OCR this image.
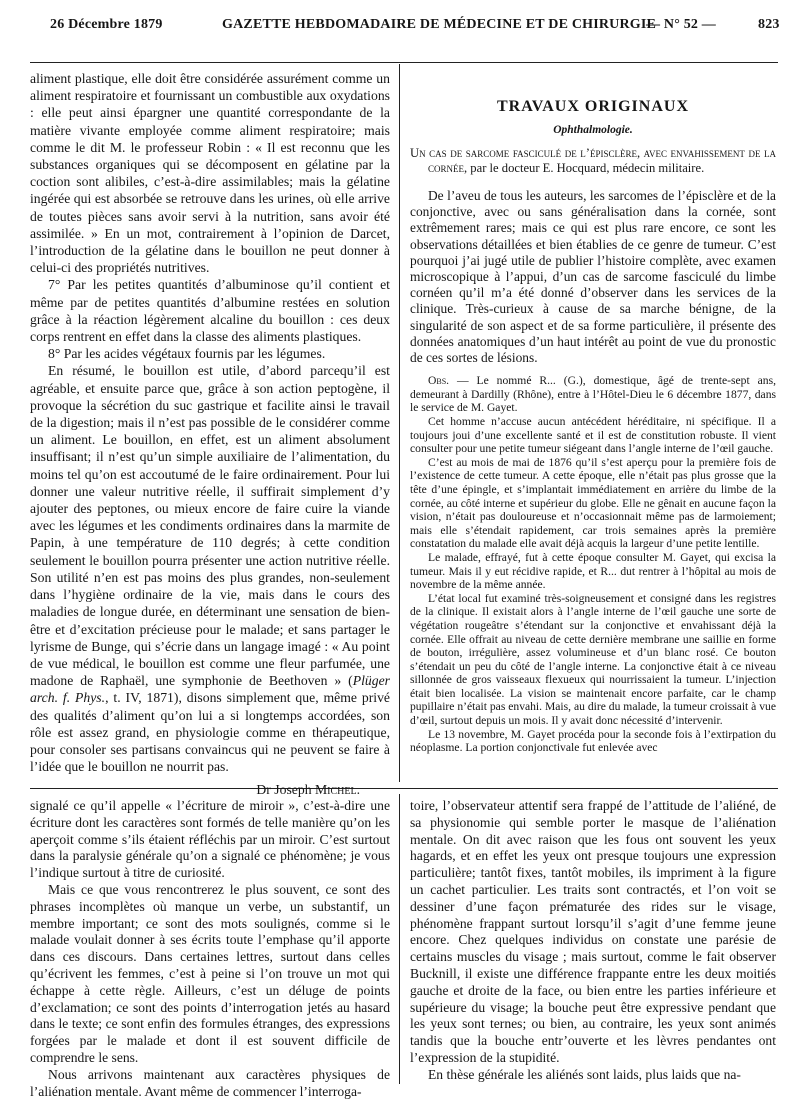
26 Décembre 1879	GAZETTE HEBDOMADAIRE DE MÉDECINE ET DE CHIRURGIE
— N° 52 —	823

aliment plastique, elle doit être considérée assurément comme un aliment respiratoire et fournissant un combustible aux oxydations : elle peut ainsi épargner une quantité correspondante de la matière vivante employée comme aliment respiratoire; mais comme le dit M. le professeur Robin : « Il est reconnu que les substances organiques qui se décomposent en gélatine par la coction sont alibiles, c’est-à-dire assimilables; mais la gélatine ingérée qui est absorbée se retrouve dans les urines, où elle arrive de toutes pièces sans avoir servi à la nutrition, sans avoir été assimilée. » En un mot, contrairement à l’opinion de Darcet, l’introduction de la gélatine dans le bouillon ne peut donner à celui-ci des propriétés nutritives.

7° Par les petites quantités d’albuminose qu’il contient et même par de petites quantités d’albumine restées en solution grâce à la réaction légèrement alcaline du bouillon : ces deux corps rentrent en effet dans la classe des aliments plastiques.

8° Par les acides végétaux fournis par les légumes.

En résumé, le bouillon est utile, d’abord parcequ’il est agréable, et ensuite parce que, grâce à son action peptogène, il provoque la sécrétion du suc gastrique et facilite ainsi le travail de la digestion; mais il n’est pas possible de le considérer comme un aliment. Le bouillon, en effet, est un aliment absolument insuffisant; il n’est qu’un simple auxiliaire de l’alimentation, du moins tel qu’on est accoutumé de le faire ordinairement. Pour lui donner une valeur nutritive réelle, il suffirait simplement d’y ajouter des peptones, ou mieux encore de faire cuire la viande avec les légumes et les condiments ordinaires dans la marmite de Papin, à une température de 110 degrés; à cette condition seulement le bouillon pourra présenter une action nutritive réelle. Son utilité n’en est pas moins des plus grandes, non-seulement dans l’hygiène ordinaire de la vie, mais dans le cours des maladies de longue durée, en déterminant une sensation de bien-être et d’excitation précieuse pour le malade; et sans partager le lyrisme de Bunge, qui s’écrie dans un langage imagé : « Au point de vue médical, le bouillon est comme une fleur parfumée, une madone de Raphaël, une symphonie de Beethoven » (Plüger arch. f. Phys., t. IV, 1871), disons simplement que, même privé des qualités d’aliment qu’on lui a si longtemps accordées, son rôle est assez grand, en physiologie comme en thérapeutique, pour consoler ses partisans convaincus qui ne peuvent se faire à l’idée que le bouillon ne nourrit pas.

Dr Joseph Michel.
TRAVAUX ORIGINAUX
Ophthalmologie.
Un cas de sarcome fasciculé de l’épisclère, avec envahissement de la cornée, par le docteur E. Hocquard, médecin militaire.

De l’aveu de tous les auteurs, les sarcomes de l’épisclère et de la conjonctive, avec ou sans généralisation dans la cornée, sont extrêmement rares; mais ce qui est plus rare encore, ce sont les observations détaillées et bien établies de ce genre de tumeur. C’est pourquoi j’ai jugé utile de publier l’histoire complète, avec examen microscopique à l’appui, d’un cas de sarcome fasciculé du limbe cornéen qu’il m’a été donné d’observer dans les services de la clinique. Très-curieux à cause de sa marche bénigne, de la singularité de son aspect et de sa forme particulière, il présente des données anatomiques d’un haut intérêt au point de vue du pronostic de ces sortes de lésions.

Obs. — Le nommé R... (G.), domestique, âgé de trente-sept ans, demeurant à Dardilly (Rhône), entre à l’Hôtel-Dieu le 6 décembre 1877, dans le service de M. Gayet.

Cet homme n’accuse aucun antécédent héréditaire, ni spécifique. Il a toujours joui d’une excellente santé et il est de constitution robuste. Il vient consulter pour une petite tumeur siégeant dans l’angle interne de l’œil gauche.

C’est au mois de mai de 1876 qu’il s’est aperçu pour la première fois de l’existence de cette tumeur. A cette époque, elle n’était pas plus grosse que la tête d’une épingle, et s’implantait immédiatement en arrière du limbe de la cornée, au côté interne et supérieur du globe. Elle ne gênait en aucune façon la vision, n’était pas douloureuse et n’occasionnait même pas de larmoiement; mais elle s’étendait rapidement, car trois semaines après la première constatation du malade elle avait déjà acquis la largeur d’une petite lentille.

Le malade, effrayé, fut à cette époque consulter M. Gayet, qui excisa la tumeur. Mais il y eut récidive rapide, et R... dut rentrer à l’hôpital au mois de novembre de la même année.

L’état local fut examiné très-soigneusement et consigné dans les registres de la clinique. Il existait alors à l’angle interne de l’œil gauche une sorte de végétation rougeâtre s’étendant sur la conjonctive et envahissant déjà la cornée. Elle offrait au niveau de cette dernière membrane une saillie en forme de bouton, irrégulière, assez volumineuse et d’un blanc rosé. Ce bouton s’étendait un peu du côté de l’angle interne. La conjonctive était à ce niveau sillonnée de gros vaisseaux flexueux qui nourrissaient la tumeur. L’injection était bien localisée. La vision se maintenait encore parfaite, car le champ pupillaire n’était pas envahi. Mais, au dire du malade, la tumeur croissait à vue d’œil, surtout depuis un mois. Il y avait donc nécessité d’intervenir.

Le 13 novembre, M. Gayet procéda pour la seconde fois à l’extirpation du néoplasme. La portion conjonctivale fut enlevée avec

signalé ce qu’il appelle « l’écriture de miroir », c’est-à-dire une écriture dont les caractères sont formés de telle manière qu’on les aperçoit comme s’ils étaient réfléchis par un miroir. C’est surtout dans la paralysie générale qu’on a signalé ce phénomène; je vous l’indique surtout à titre de curiosité.

Mais ce que vous rencontrerez le plus souvent, ce sont des phrases incomplètes où manque un verbe, un substantif, un membre important; ce sont des mots soulignés, comme si le malade voulait donner à ses écrits toute l’emphase qu’il apporte dans ces discours. Dans certaines lettres, surtout dans celles qu’écrivent les femmes, c’est à peine si l’on trouve un mot qui échappe à cette règle. Ailleurs, c’est un déluge de points d’exclamation; ce sont des points d’interrogation jetés au hasard dans le texte; ce sont enfin des formules étranges, des expressions forgées par le malade et dont il est souvent difficile de comprendre le sens.

Nous arrivons maintenant aux caractères physiques de l’aliénation mentale. Avant même de commencer l’interroga-

toire, l’observateur attentif sera frappé de l’attitude de l’aliéné, de sa physionomie qui semble porter le masque de l’aliénation mentale. On dit avec raison que les fous ont souvent les yeux hagards, et en effet les yeux ont presque toujours une expression particulière; tantôt fixes, tantôt mobiles, ils impriment à la figure un cachet particulier. Les traits sont contractés, et l’on voit se dessiner d’une façon prématurée des rides sur le visage, phénomène frappant surtout lorsqu’il s’agit d’une femme jeune encore. Chez quelques individus on constate une parésie de certains muscles du visage ; mais surtout, comme le fait observer Bucknill, il existe une différence frappante entre les deux moitiés gauche et droite de la face, ou bien entre les parties inférieure et supérieure du visage; la bouche peut être expressive pendant que les yeux sont ternes; ou bien, au contraire, les yeux sont animés tandis que la bouche entr’ouverte et les lèvres pendantes ont l’expression de la stupidité.

En thèse générale les aliénés sont laids, plus laids que na-
